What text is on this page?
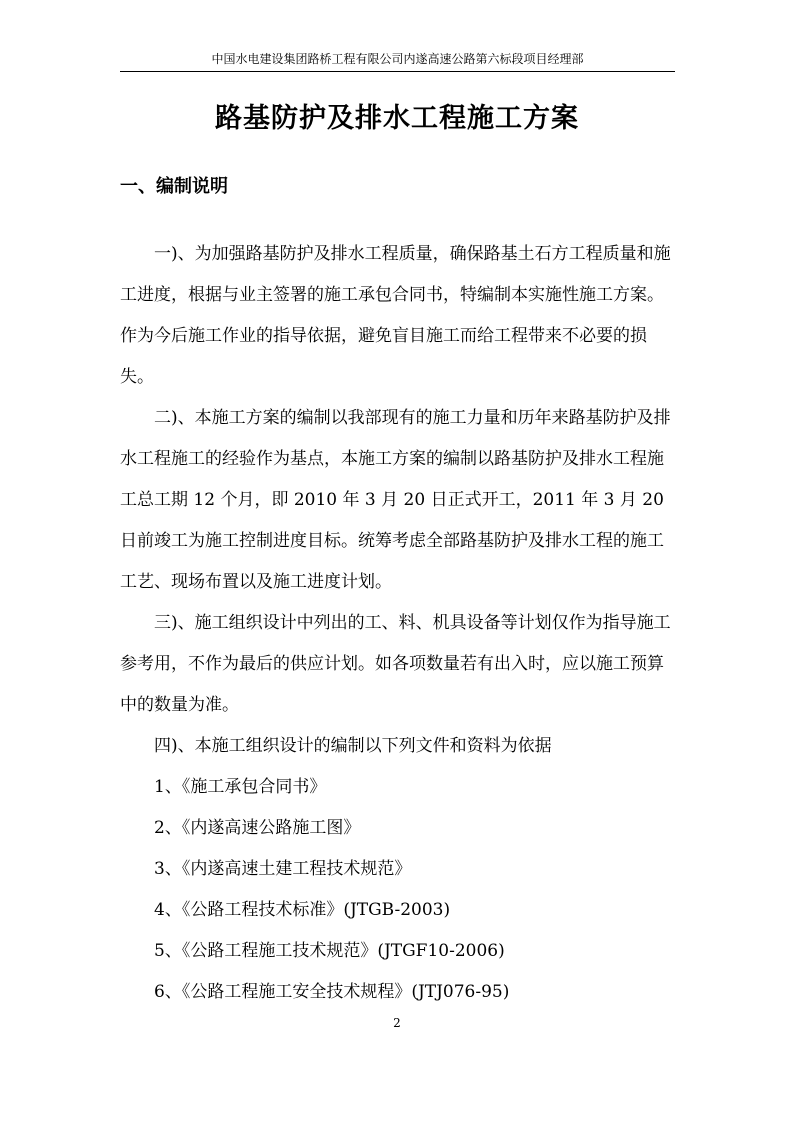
中国水电建设集团路桥工程有限公司内遂高速公路第六标段项目经理部
路基防护及排水工程施工方案
一、编制说明

一)、为加强路基防护及排水工程质量，确保路基土石方工程质量和施工进度，根据与业主签署的施工承包合同书，特编制本实施性施工方案。作为今后施工作业的指导依据，避免盲目施工而给工程带来不必要的损失。

二)、本施工方案的编制以我部现有的施工力量和历年来路基防护及排水工程施工的经验作为基点，本施工方案的编制以路基防护及排水工程施工总工期 12 个月，即 2010 年 3 月 20 日正式开工，2011 年 3 月 20 日前竣工为施工控制进度目标。统筹考虑全部路基防护及排水工程的施工工艺、现场布置以及施工进度计划。

三)、施工组织设计中列出的工、料、机具设备等计划仅作为指导施工参考用，不作为最后的供应计划。如各项数量若有出入时，应以施工预算中的数量为准。

四)、本施工组织设计的编制以下列文件和资料为依据

1、《施工承包合同书》
2、《内遂高速公路施工图》
3、《内遂高速土建工程技术规范》
4、《公路工程技术标准》(JTGB-2003)
5、《公路工程施工技术规范》(JTGF10-2006)
6、《公路工程施工安全技术规程》(JTJ076-95)
2
